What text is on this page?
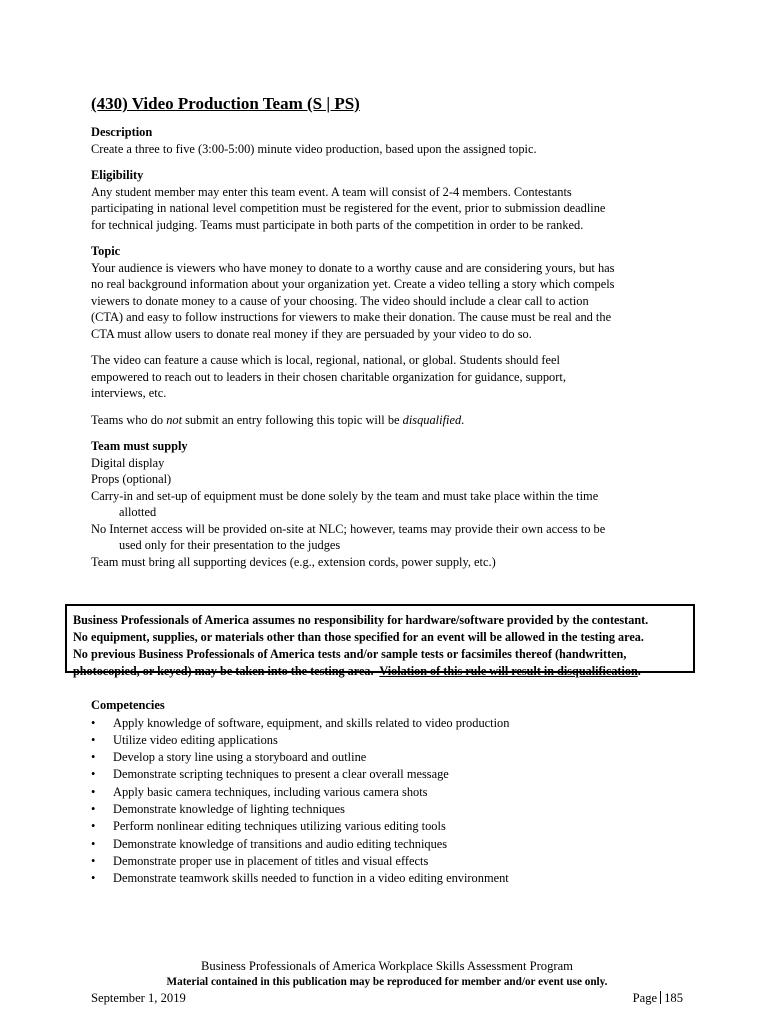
(430) Video Production Team (S | PS)
Description
Create a three to five (3:00-5:00) minute video production, based upon the assigned topic.
Eligibility
Any student member may enter this team event. A team will consist of 2-4 members. Contestants
participating in national level competition must be registered for the event, prior to submission deadline
for technical judging. Teams must participate in both parts of the competition in order to be ranked.
Topic
Your audience is viewers who have money to donate to a worthy cause and are considering yours, but has
no real background information about your organization yet. Create a video telling a story which compels
viewers to donate money to a cause of your choosing. The video should include a clear call to action
(CTA) and easy to follow instructions for viewers to make their donation. The cause must be real and the
CTA must allow users to donate real money if they are persuaded by your video to do so.
The video can feature a cause which is local, regional, national, or global. Students should feel
empowered to reach out to leaders in their chosen charitable organization for guidance, support,
interviews, etc.
Teams who do not submit an entry following this topic will be disqualified.
Team must supply
Digital display
Props (optional)
Carry-in and set-up of equipment must be done solely by the team and must take place within the time
allotted
No Internet access will be provided on-site at NLC; however, teams may provide their own access to be
used only for their presentation to the judges
Team must bring all supporting devices (e.g., extension cords, power supply, etc.)
Business Professionals of America assumes no responsibility for hardware/software provided by the contestant.
No equipment, supplies, or materials other than those specified for an event will be allowed in the testing area.
No previous Business Professionals of America tests and/or sample tests or facsimiles thereof (handwritten,
photocopied, or keyed) may be taken into the testing area.  Violation of this rule will result in disqualification.
Competencies
• Apply knowledge of software, equipment, and skills related to video production
• Utilize video editing applications
• Develop a story line using a storyboard and outline
• Demonstrate scripting techniques to present a clear overall message
• Apply basic camera techniques, including various camera shots
• Demonstrate knowledge of lighting techniques
• Perform nonlinear editing techniques utilizing various editing tools
• Demonstrate knowledge of transitions and audio editing techniques
• Demonstrate proper use in placement of titles and visual effects
• Demonstrate teamwork skills needed to function in a video editing environment
Business Professionals of America Workplace Skills Assessment Program
Material contained in this publication may be reproduced for member and/or event use only.
September 1, 2019	Page 185
